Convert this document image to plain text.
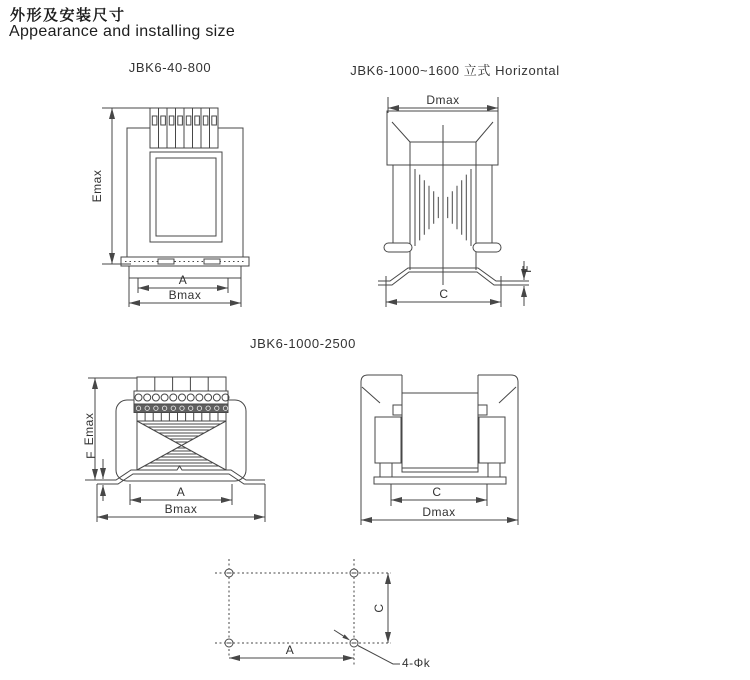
外形及安装尺寸
Appearance and installing size
JBK6-40-800	JBK6-1000~1600 立式 Horizontal
JBK6-1000-2500
Emax
A
Bmax
Dmax
F
C
Emax
F
A
Bmax
C
Dmax
C
A
4-Φk
